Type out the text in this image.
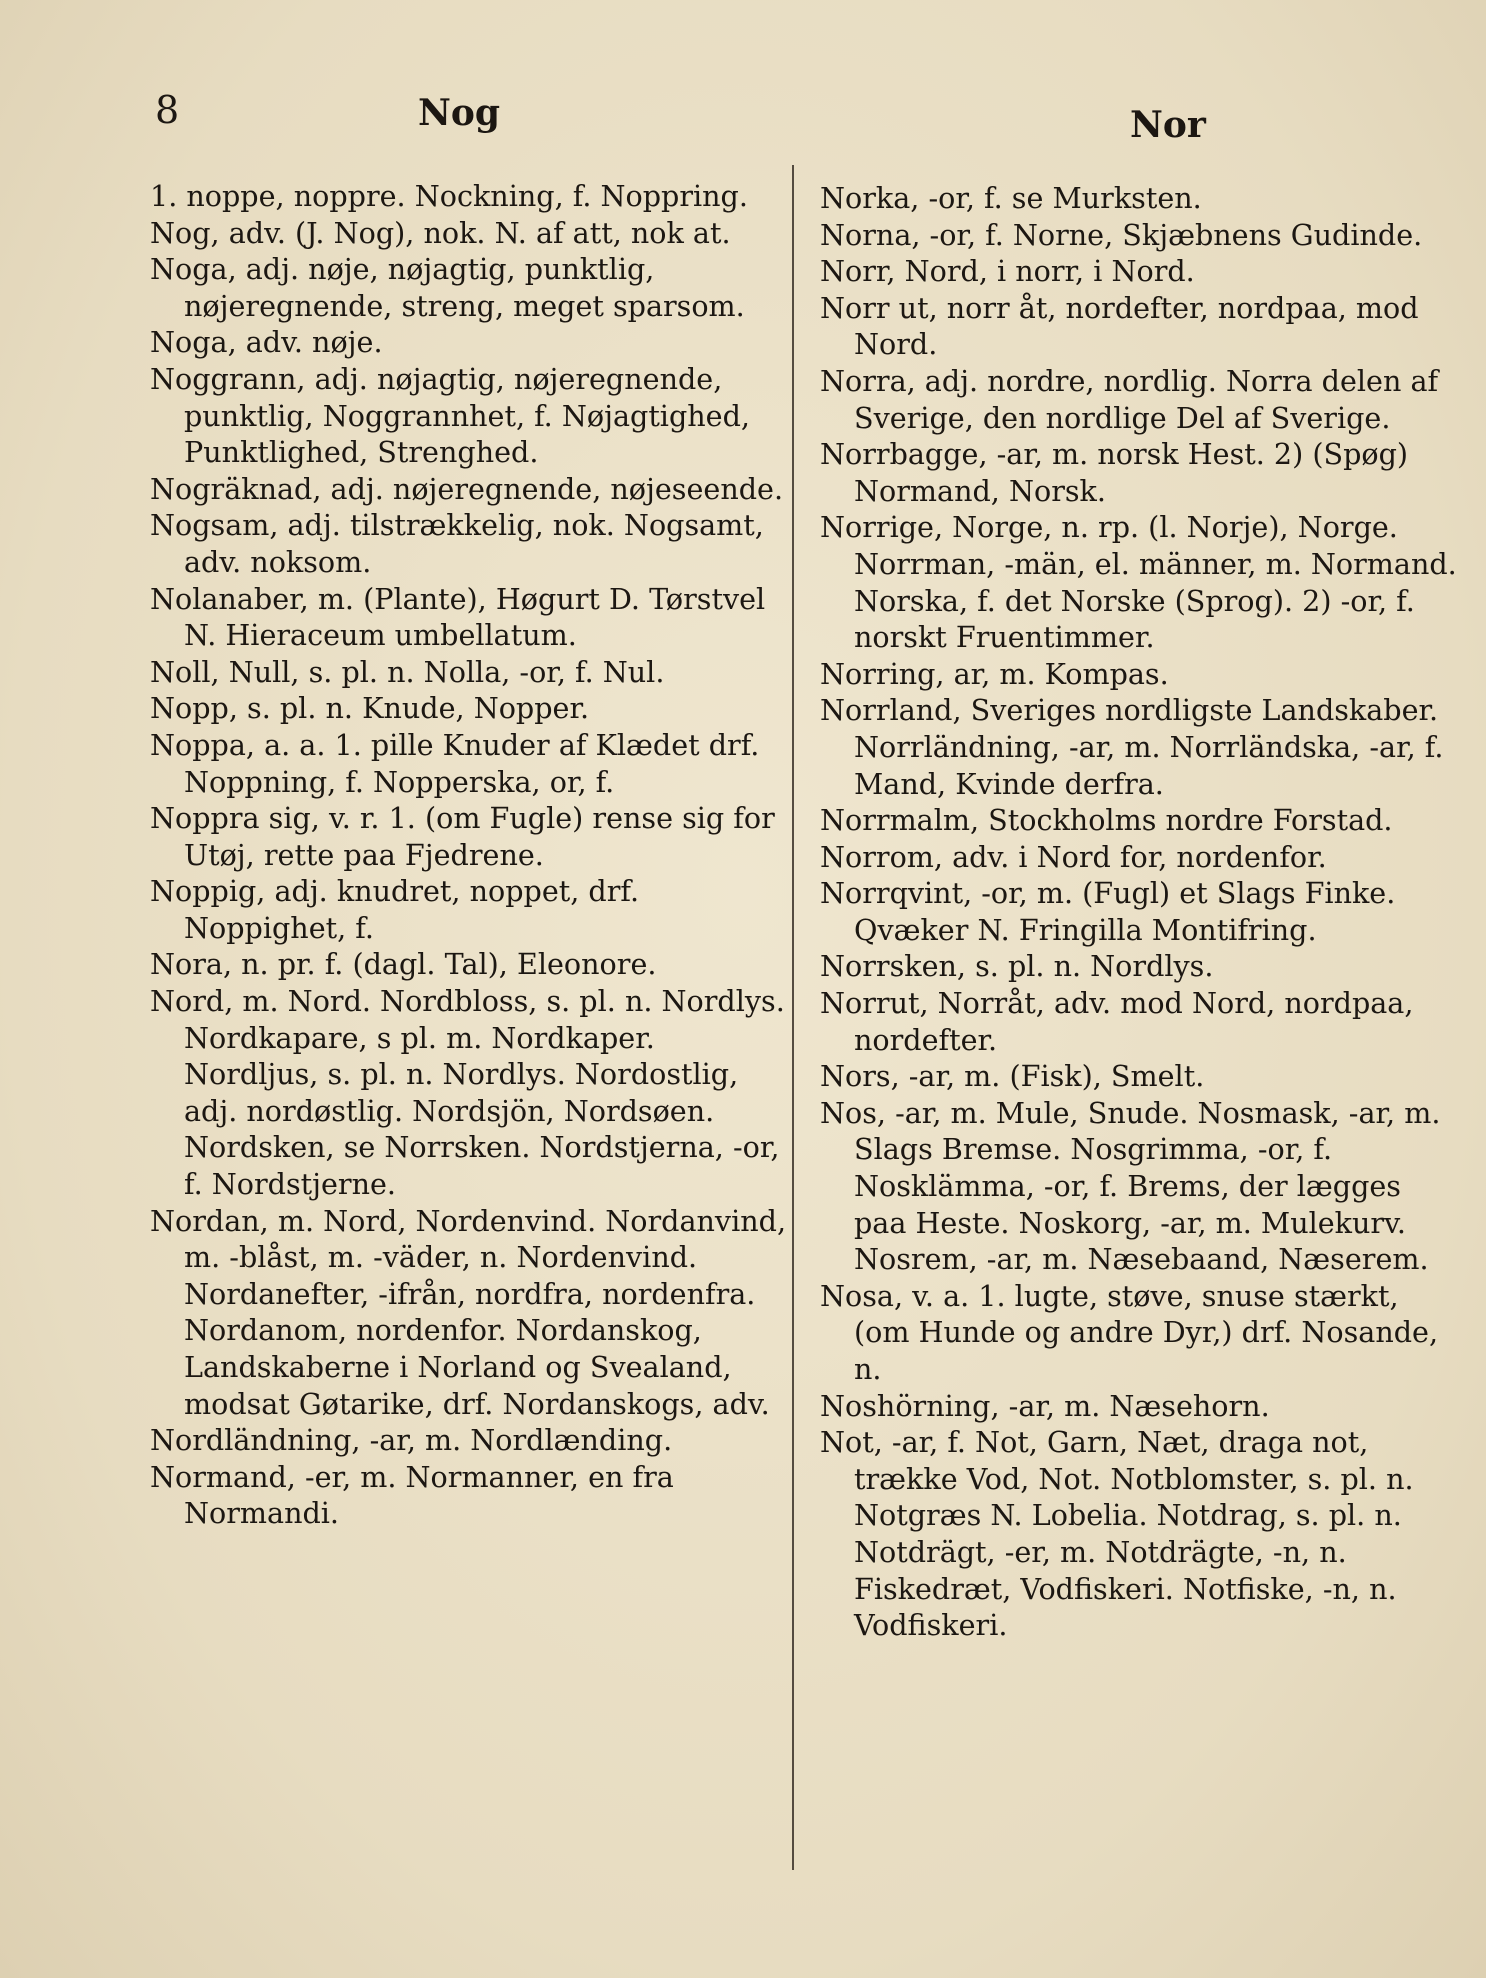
8	Nog	Nor

1. noppe, noppre. Nockning, f. Noppring.

Nog, adv. (J. Nog), nok. N. af att, nok at.

Noga, adj. nøje, nøjagtig, punktlig, nøjeregnende, streng, meget sparsom.

Noga, adv. nøje.

Noggrann, adj. nøjagtig, nøjeregnende, punktlig, Noggrannhet, f. Nøjagtighed, Punktlighed, Strenghed.

Nogräknad, adj. nøjeregnende, nøjeseende.

Nogsam, adj. tilstrækkelig, nok. Nogsamt, adv. noksom.

Nolanaber, m. (Plante), Høgurt D. Tørstvel N. Hieraceum umbellatum.

Noll, Null, s. pl. n. Nolla, -or, f. Nul.

Nopp, s. pl. n. Knude, Nopper.

Noppa, a. a. 1. pille Knuder af Klædet drf. Noppning, f. Nopperska, or, f.

Noppra sig, v. r. 1. (om Fugle) rense sig for Utøj, rette paa Fjedrene.

Noppig, adj. knudret, noppet, drf. Noppighet, f.

Nora, n. pr. f. (dagl. Tal), Eleonore.

Nord, m. Nord. Nordbloss, s. pl. n. Nordlys. Nordkapare, s pl. m. Nordkaper. Nordljus, s. pl. n. Nordlys. Nordostlig, adj. nordøstlig. Nordsjön, Nordsøen. Nordsken, se Norrsken. Nordstjerna, -or, f. Nordstjerne.

Nordan, m. Nord, Nordenvind. Nordanvind, m. -blåst, m. -väder, n. Nordenvind. Nordanefter, -ifrån, nordfra, nordenfra. Nordanom, nordenfor. Nordanskog, Landskaberne i Norland og Svealand, modsat Gøtarike, drf. Nordanskogs, adv.

Nordländning, -ar, m. Nordlænding.

Normand, -er, m. Normanner, en fra Normandi.

Norka, -or, f. se Murksten.

Norna, -or, f. Norne, Skjæbnens Gudinde.

Norr, Nord, i norr, i Nord.

Norr ut, norr åt, nordefter, nordpaa, mod Nord.

Norra, adj. nordre, nordlig. Norra delen af Sverige, den nordlige Del af Sverige.

Norrbagge, -ar, m. norsk Hest. 2) (Spøg) Normand, Norsk.

Norrige, Norge, n. rp. (l. Norje), Norge. Norrman, -män, el. männer, m. Normand. Norska, f. det Norske (Sprog). 2) -or, f. norskt Fruentimmer.

Norring, ar, m. Kompas.

Norrland, Sveriges nordligste Landskaber. Norrländning, -ar, m. Norrländska, -ar, f. Mand, Kvinde derfra.

Norrmalm, Stockholms nordre Forstad.

Norrom, adv. i Nord for, nordenfor.

Norrqvint, -or, m. (Fugl) et Slags Finke. Qvæker N. Fringilla Montifring.

Norrsken, s. pl. n. Nordlys.

Norrut, Norråt, adv. mod Nord, nordpaa, nordefter.

Nors, -ar, m. (Fisk), Smelt.

Nos, -ar, m. Mule, Snude. Nosmask, -ar, m. Slags Bremse. Nosgrimma, -or, f. Nosklämma, -or, f. Brems, der lægges paa Heste. Noskorg, -ar, m. Mulekurv. Nosrem, -ar, m. Næsebaand, Næserem.

Nosa, v. a. 1. lugte, støve, snuse stærkt, (om Hunde og andre Dyr,) drf. Nosande, n.

Noshörning, -ar, m. Næsehorn.

Not, -ar, f. Not, Garn, Næt, draga not, trække Vod, Not. Notblomster, s. pl. n. Notgræs N. Lobelia. Notdrag, s. pl. n. Notdrägt, -er, m. Notdrägte, -n, n. Fiskedræt, Vodfiskeri. Notfiske, -n, n. Vodfiskeri.
